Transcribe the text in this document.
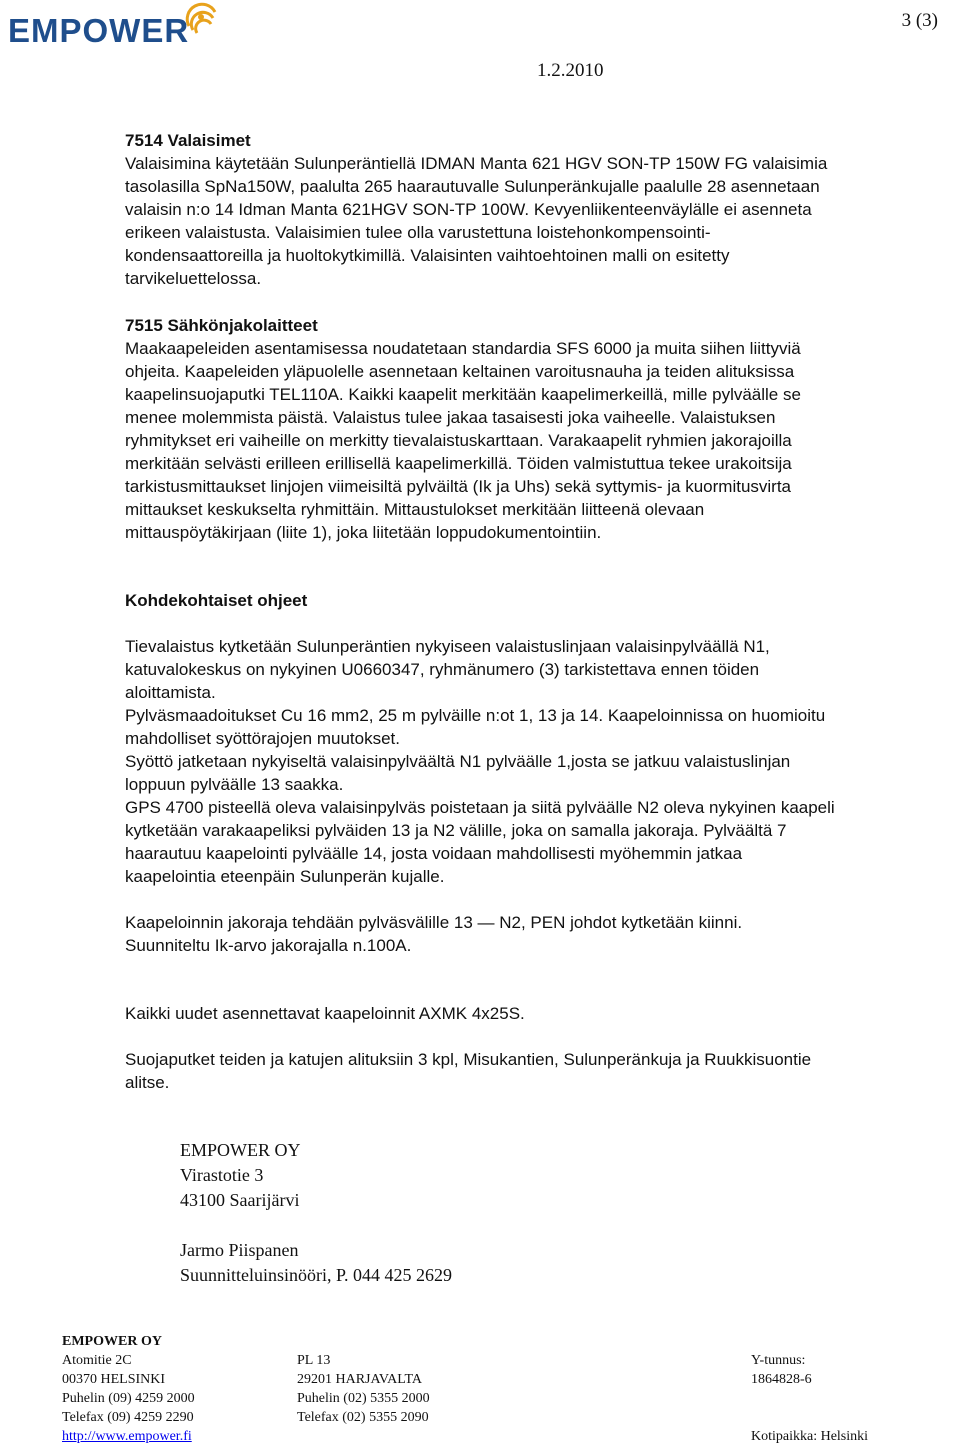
EMPOWER	3 (3)
1.2.2010
7514 Valaisimet
Valaisimina käytetään Sulunperäntiellä IDMAN Manta 621 HGV SON-TP 150W FG valaisimia
tasolasilla SpNa150W, paalulta 265 haarautuvalle Sulunperänkujalle paalulle 28 asennetaan
valaisin n:o 14 Idman Manta 621HGV SON-TP 100W. Kevyenliikenteenväylälle ei asenneta
erikeen valaistusta. Valaisimien tulee olla varustettuna loistehonkompensointi-
kondensaattoreilla ja huoltokytkimillä. Valaisinten vaihtoehtoinen malli on esitetty
tarvikeluettelossa.
7515 Sähkönjakolaitteet
Maakaapeleiden asentamisessa noudatetaan standardia SFS 6000 ja muita siihen liittyviä
ohjeita. Kaapeleiden yläpuolelle asennetaan keltainen varoitusnauha ja teiden alituksissa
kaapelinsuojaputki TEL110A. Kaikki kaapelit merkitään kaapelimerkeillä, mille pylväälle se
menee molemmista päistä. Valaistus tulee jakaa tasaisesti joka vaiheelle. Valaistuksen
ryhmitykset eri vaiheille on merkitty tievalaistuskarttaan. Varakaapelit ryhmien jakorajoilla
merkitään selvästi erilleen erillisellä kaapelimerkillä. Töiden valmistuttua tekee urakoitsija
tarkistusmittaukset linjojen viimeisiltä pylväiltä (Ik ja Uhs) sekä syttymis- ja kuormitusvirta
mittaukset keskukselta ryhmittäin. Mittaustulokset merkitään liitteenä olevaan
mittauspöytäkirjaan (liite 1), joka liitetään loppudokumentointiin.
Kohdekohtaiset ohjeet
Tievalaistus kytketään Sulunperäntien nykyiseen valaistuslinjaan valaisinpylväällä N1,
katuvalokeskus on nykyinen U0660347, ryhmänumero (3) tarkistettava ennen töiden
aloittamista.
Pylväsmaadoitukset Cu 16 mm2, 25 m pylväille n:ot 1, 13 ja 14. Kaapeloinnissa on huomioitu
mahdolliset syöttörajojen muutokset.
Syöttö jatketaan nykyiseltä valaisinpylväältä N1 pylväälle 1,josta se jatkuu valaistuslinjan
loppuun pylväälle 13 saakka.
GPS 4700 pisteellä oleva valaisinpylväs poistetaan ja siitä pylväälle N2 oleva nykyinen kaapeli
kytketään varakaapeliksi pylväiden 13 ja N2 välille, joka on samalla jakoraja. Pylväältä 7
haarautuu kaapelointi pylväälle 14, josta voidaan mahdollisesti myöhemmin jatkaa
kaapelointia eteenpäin Sulunperän kujalle.
Kaapeloinnin jakoraja tehdään pylväsvälille 13 — N2, PEN johdot kytketään kiinni.
Suunniteltu Ik-arvo jakorajalla n.100A.
Kaikki uudet asennettavat kaapeloinnit AXMK 4x25S.
Suojaputket teiden ja katujen alituksiin 3 kpl, Misukantien, Sulunperänkuja ja Ruukkisuontie
alitse.
EMPOWER OY
Virastotie 3
43100 Saarijärvi
Jarmo Piispanen
Suunnitteluinsinööri, P. 044 425 2629
EMPOWER OY
Atomitie 2C
00370 HELSINKI
Puhelin (09) 4259 2000
Telefax (09) 4259 2290
http://www.empower.fi
PL 13
29201 HARJAVALTA
Puhelin (02) 5355 2000
Telefax (02) 5355 2090
Y-tunnus:
1864828-6
Kotipaikka: Helsinki
